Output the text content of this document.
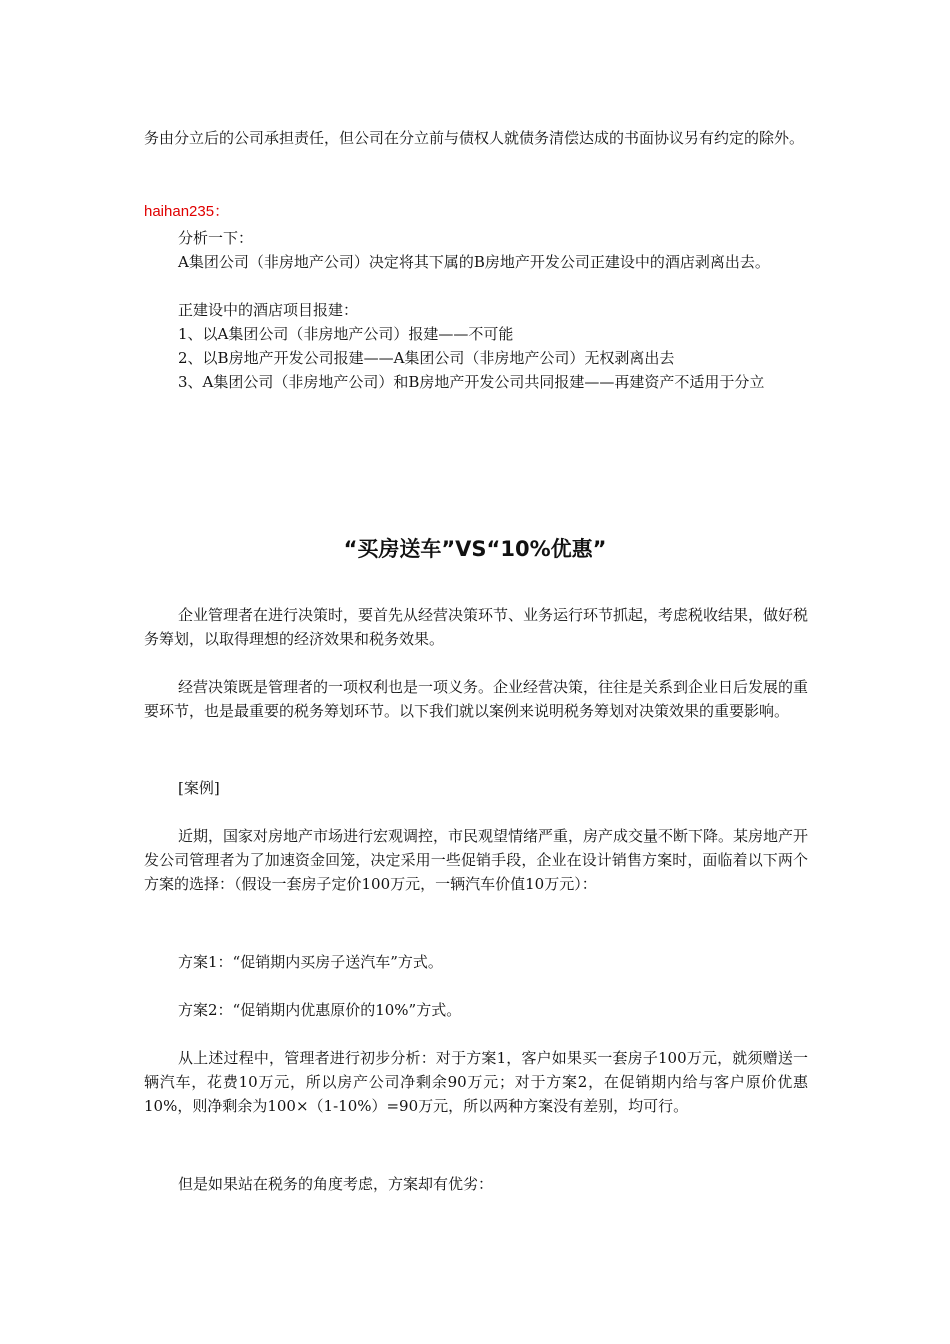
务由分立后的公司承担责任，但公司在分立前与债权人就债务清偿达成的书面协议另有约定的除外。

haihan235：

分析一下：

A集团公司（非房地产公司）决定将其下属的B房地产开发公司正建设中的酒店剥离出去。

正建设中的酒店项目报建：

1、以A集团公司（非房地产公司）报建——不可能

2、以B房地产开发公司报建——A集团公司（非房地产公司）无权剥离出去

3、A集团公司（非房地产公司）和B房地产开发公司共同报建——再建资产不适用于分立

“买房送车”VS“10%优惠”

企业管理者在进行决策时，要首先从经营决策环节、业务运行环节抓起，考虑税收结果，做好税务筹划，以取得理想的经济效果和税务效果。

经营决策既是管理者的一项权利也是一项义务。企业经营决策，往往是关系到企业日后发展的重要环节，也是最重要的税务筹划环节。以下我们就以案例来说明税务筹划对决策效果的重要影响。

[案例]

近期，国家对房地产市场进行宏观调控，市民观望情绪严重，房产成交量不断下降。某房地产开发公司管理者为了加速资金回笼，决定采用一些促销手段，企业在设计销售方案时，面临着以下两个方案的选择：（假设一套房子定价100万元，一辆汽车价值10万元）：

方案1：“促销期内买房子送汽车”方式。

方案2：“促销期内优惠原价的10%”方式。

从上述过程中，管理者进行初步分析：对于方案1，客户如果买一套房子100万元，就须赠送一辆汽车，花费10万元，所以房产公司净剩余90万元；对于方案2，在促销期内给与客户原价优惠10%，则净剩余为100×（1-10%）=90万元，所以两种方案没有差别，均可行。

但是如果站在税务的角度考虑，方案却有优劣：
